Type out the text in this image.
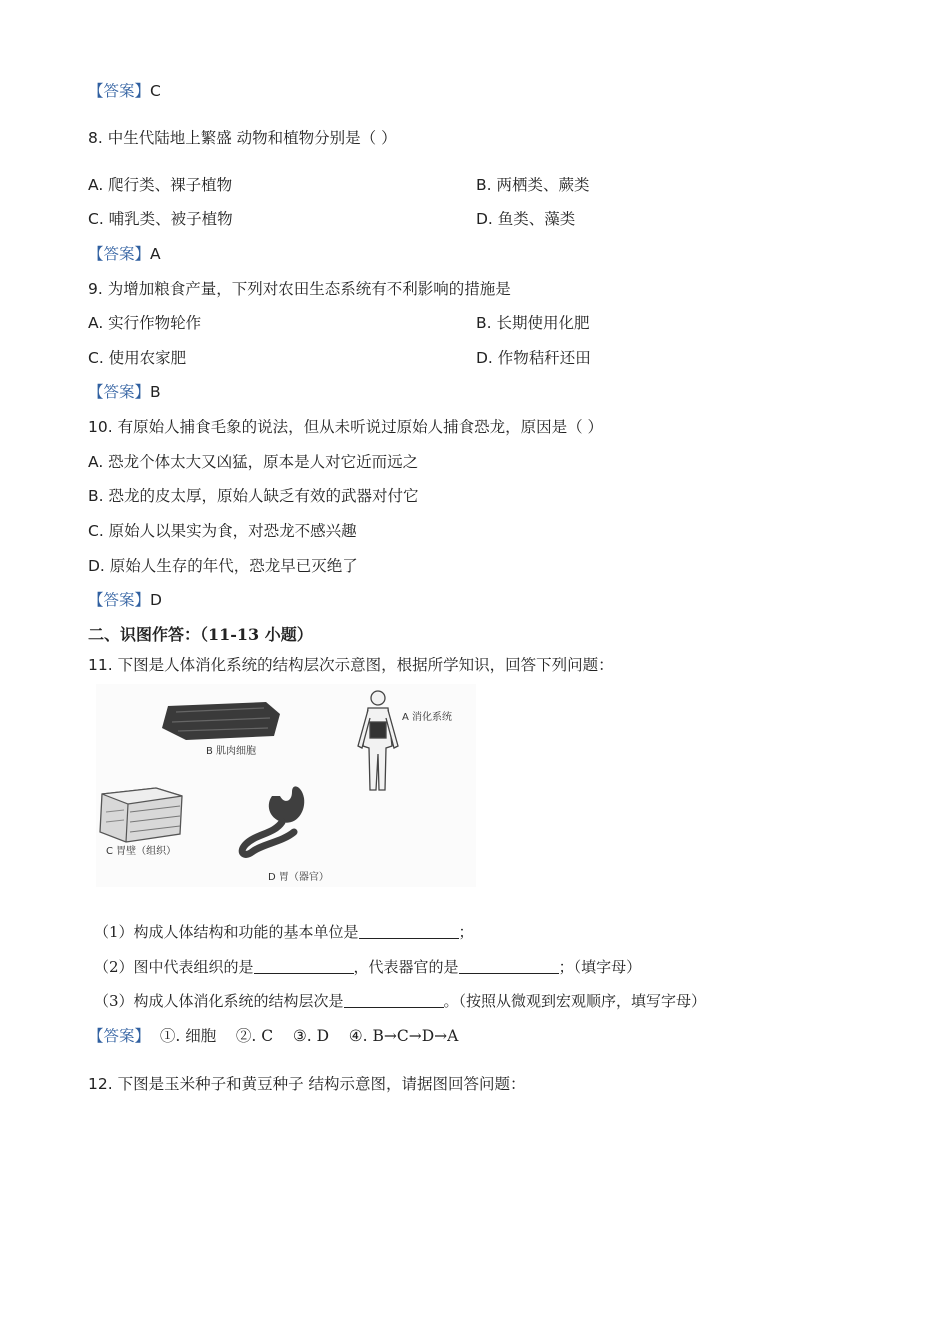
【答案】C
8. 中生代陆地上繁盛 动物和植物分别是（ ）
A. 爬行类、裸子植物	B. 两栖类、蕨类
C. 哺乳类、被子植物	D. 鱼类、藻类
【答案】A
9. 为增加粮食产量，下列对农田生态系统有不利影响的措施是
A. 实行作物轮作	B. 长期使用化肥
C. 使用农家肥	D. 作物秸秆还田
【答案】B
10. 有原始人捕食毛象的说法，但从未听说过原始人捕食恐龙，原因是（ ）
A. 恐龙个体太大又凶猛，原本是人对它近而远之
B. 恐龙的皮太厚，原始人缺乏有效的武器对付它
C. 原始人以果实为食，对恐龙不感兴趣
D. 原始人生存的年代，恐龙早已灭绝了
【答案】D
二、识图作答：（11-13 小题）
11. 下图是人体消化系统的结构层次示意图，根据所学知识，回答下列问题：
B 肌肉细胞
A 消化系统
C 胃壁（组织）
D 胃（器官）
（1）构成人体结构和功能的基本单位是	；
（2）图中代表组织的是	，代表器官的是	；（填字母）
（3）构成人体消化系统的结构层次是	。（按照从微观到宏观顺序，填写字母）
【答案】  ①. 细胞    ②. C    ③. D    ④. B→C→D→A
12. 下图是玉米种子和黄豆种子 结构示意图，请据图回答问题：
